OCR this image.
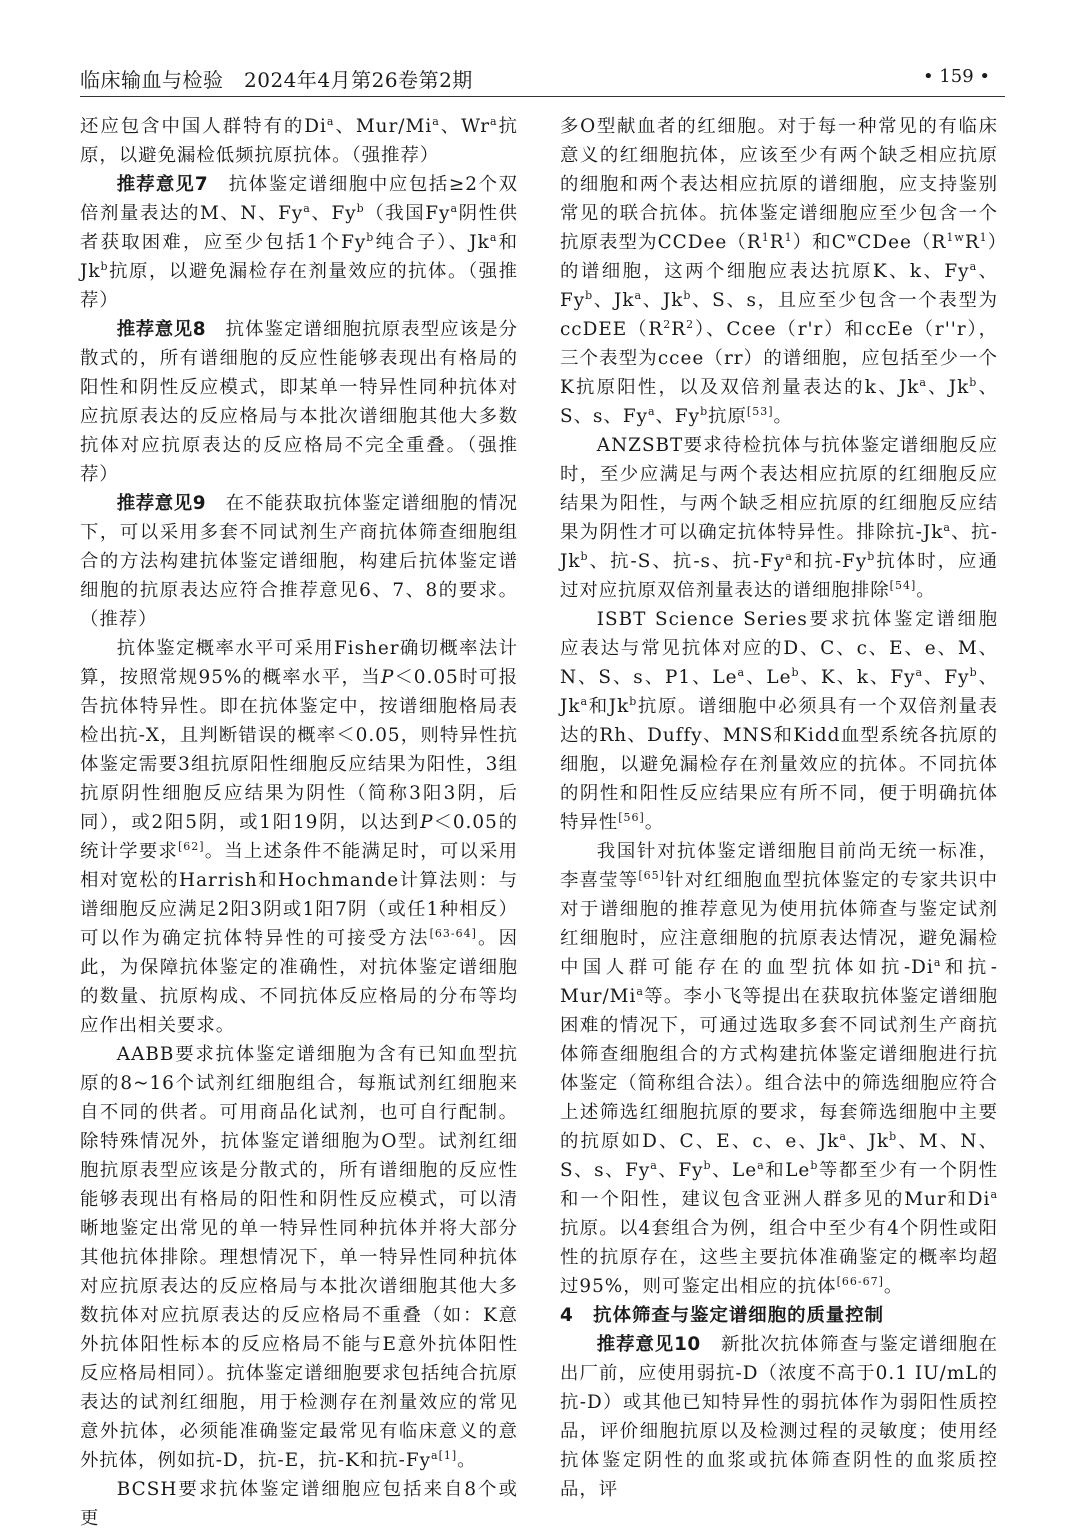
临床输血与检验　2024年4月第26卷第2期	• 159 •

还应包含中国人群特有的Di$^a$、Mur/Mi$^a$、Wr$^a$抗原，以避免漏检低频抗原抗体。（强推荐）

推荐意见7　抗体鉴定谱细胞中应包括≥2个双倍剂量表达的M、N、Fy$^a$、Fy$^b$（我国Fy$^a$阴性供者获取困难，应至少包括1个Fy$^b$纯合子）、Jk$^a$和Jk$^b$抗原，以避免漏检存在剂量效应的抗体。（强推荐）

推荐意见8　抗体鉴定谱细胞抗原表型应该是分散式的，所有谱细胞的反应性能够表现出有格局的阳性和阴性反应模式，即某单一特异性同种抗体对应抗原表达的反应格局与本批次谱细胞其他大多数抗体对应抗原表达的反应格局不完全重叠。（强推荐）

推荐意见9　在不能获取抗体鉴定谱细胞的情况下，可以采用多套不同试剂生产商抗体筛查细胞组合的方法构建抗体鉴定谱细胞，构建后抗体鉴定谱细胞的抗原表达应符合推荐意见6、7、8的要求。（推荐）

抗体鉴定概率水平可采用Fisher确切概率法计算，按照常规95%的概率水平，当P＜0.05时可报告抗体特异性。即在抗体鉴定中，按谱细胞格局表检出抗-X，且判断错误的概率＜0.05，则特异性抗体鉴定需要3组抗原阳性细胞反应结果为阳性，3组抗原阴性细胞反应结果为阴性（简称3阳3阴，后同），或2阳5阴，或1阳19阴，以达到P＜0.05的统计学要求[62]。当上述条件不能满足时，可以采用相对宽松的Harrish和Hochmande计算法则：与谱细胞反应满足2阳3阴或1阳7阴（或任1种相反）可以作为确定抗体特异性的可接受方法[63-64]。因此，为保障抗体鉴定的准确性，对抗体鉴定谱细胞的数量、抗原构成、不同抗体反应格局的分布等均应作出相关要求。

AABB要求抗体鉴定谱细胞为含有已知血型抗原的8~16个试剂红细胞组合，每瓶试剂红细胞来自不同的供者。可用商品化试剂，也可自行配制。除特殊情况外，抗体鉴定谱细胞为O型。试剂红细胞抗原表型应该是分散式的，所有谱细胞的反应性能够表现出有格局的阳性和阴性反应模式，可以清晰地鉴定出常见的单一特异性同种抗体并将大部分其他抗体排除。理想情况下，单一特异性同种抗体对应抗原表达的反应格局与本批次谱细胞其他大多数抗体对应抗原表达的反应格局不重叠（如：K意外抗体阳性标本的反应格局不能与E意外抗体阳性反应格局相同）。抗体鉴定谱细胞要求包括纯合抗原表达的试剂红细胞，用于检测存在剂量效应的常见意外抗体，必须能准确鉴定最常见有临床意义的意外抗体，例如抗-D，抗-E，抗-K和抗$-Fy^{a[1]}$。

BCSH要求抗体鉴定谱细胞应包括来自8个或更

多O型献血者的红细胞。对于每一种常见的有临床意义的红细胞抗体，应该至少有两个缺乏相应抗原的细胞和两个表达相应抗原的谱细胞，应支持鉴别常见的联合抗体。抗体鉴定谱细胞应至少包含一个抗原表型为$CCDee(R^1R^1)$和$C^wCDee(R^{1w}R^1)$的谱细胞，这两个细胞应表达抗原K、k、Fy$^a$、Fy$^b$、Jk$^a$、Jk$^b$、S、s，且应至少包含一个表型为$ccDEE(R^2R^2)$、Ccee（r'r）和ccEe（r''r），三个表型为ccee（rr）的谱细胞，应包括至少一个K抗原阳性，以及双倍剂量表达的k、Jk$^a$、Jk$^b$、S、s、Fy$^a$、Fy$^b$抗原[53]。

ANZSBT要求待检抗体与抗体鉴定谱细胞反应时，至少应满足与两个表达相应抗原的红细胞反应结果为阳性，与两个缺乏相应抗原的红细胞反应结果为阴性才可以确定抗体特异性。排除抗-Jk$^a$、抗-Jk$^b$、抗-S、抗-s、抗-Fy$^a$和抗-Fy$^b$抗体时，应通过对应抗原双倍剂量表达的谱细胞排除[54]。

ISBT Science Series要求抗体鉴定谱细胞应表达与常见抗体对应的D、C、c、E、e、M、N、S、s、P1、Le$^a$、Le$^b$、K、k、Fy$^a$、Fy$^b$、Jk$^a$和Jk$^b$抗原。谱细胞中必须具有一个双倍剂量表达的Rh、Duffy、MNS和Kidd血型系统各抗原的细胞，以避免漏检存在剂量效应的抗体。不同抗体的阴性和阳性反应结果应有所不同，便于明确抗体特异性[56]。

我国针对抗体鉴定谱细胞目前尚无统一标准，李喜莹等[65]针对红细胞血型抗体鉴定的专家共识中对于谱细胞的推荐意见为使用抗体筛查与鉴定试剂红细胞时，应注意细胞的抗原表达情况，避免漏检中国人群可能存在的血型抗体如抗-Di$^a$和抗-Mur/Mi$^a$等。李小飞等提出在获取抗体鉴定谱细胞困难的情况下，可通过选取多套不同试剂生产商抗体筛查细胞组合的方式构建抗体鉴定谱细胞进行抗体鉴定（简称组合法）。组合法中的筛选细胞应符合上述筛选红细胞抗原的要求，每套筛选细胞中主要的抗原如D、C、E、c、e、Jk$^a$、Jk$^b$、M、N、S、s、Fy$^a$、Fy$^b$、Le$^a$和Le$^b$等都至少有一个阴性和一个阳性，建议包含亚洲人群多见的Mur和Di$^a$抗原。以4套组合为例，组合中至少有4个阴性或阳性的抗原存在，这些主要抗体准确鉴定的概率均超过95%，则可鉴定出相应的抗体[66-67]。

4　抗体筛查与鉴定谱细胞的质量控制

推荐意见10　新批次抗体筛查与鉴定谱细胞在出厂前，应使用弱抗-D（浓度不高于0.1 IU/mL的抗-D）或其他已知特异性的弱抗体作为弱阳性质控品，评价细胞抗原以及检测过程的灵敏度；使用经抗体鉴定阴性的血浆或抗体筛查阴性的血浆质控品，评
